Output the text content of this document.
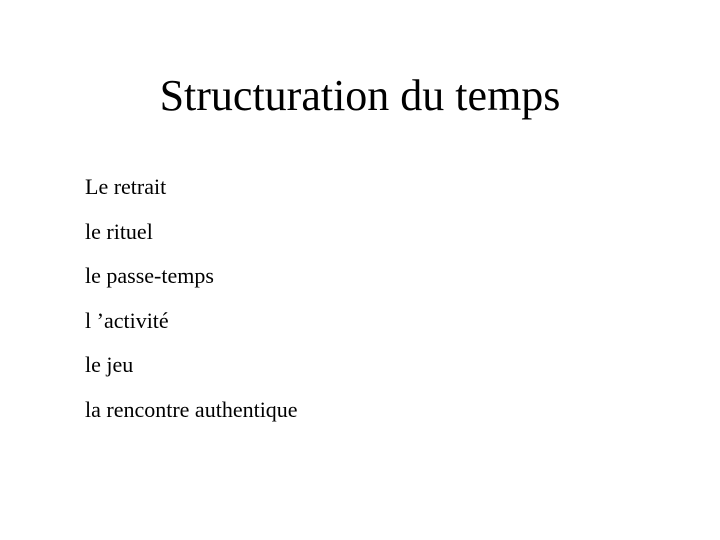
Structuration du temps
Le retrait
le rituel
le passe-temps
l ’activité
le jeu
la rencontre authentique
